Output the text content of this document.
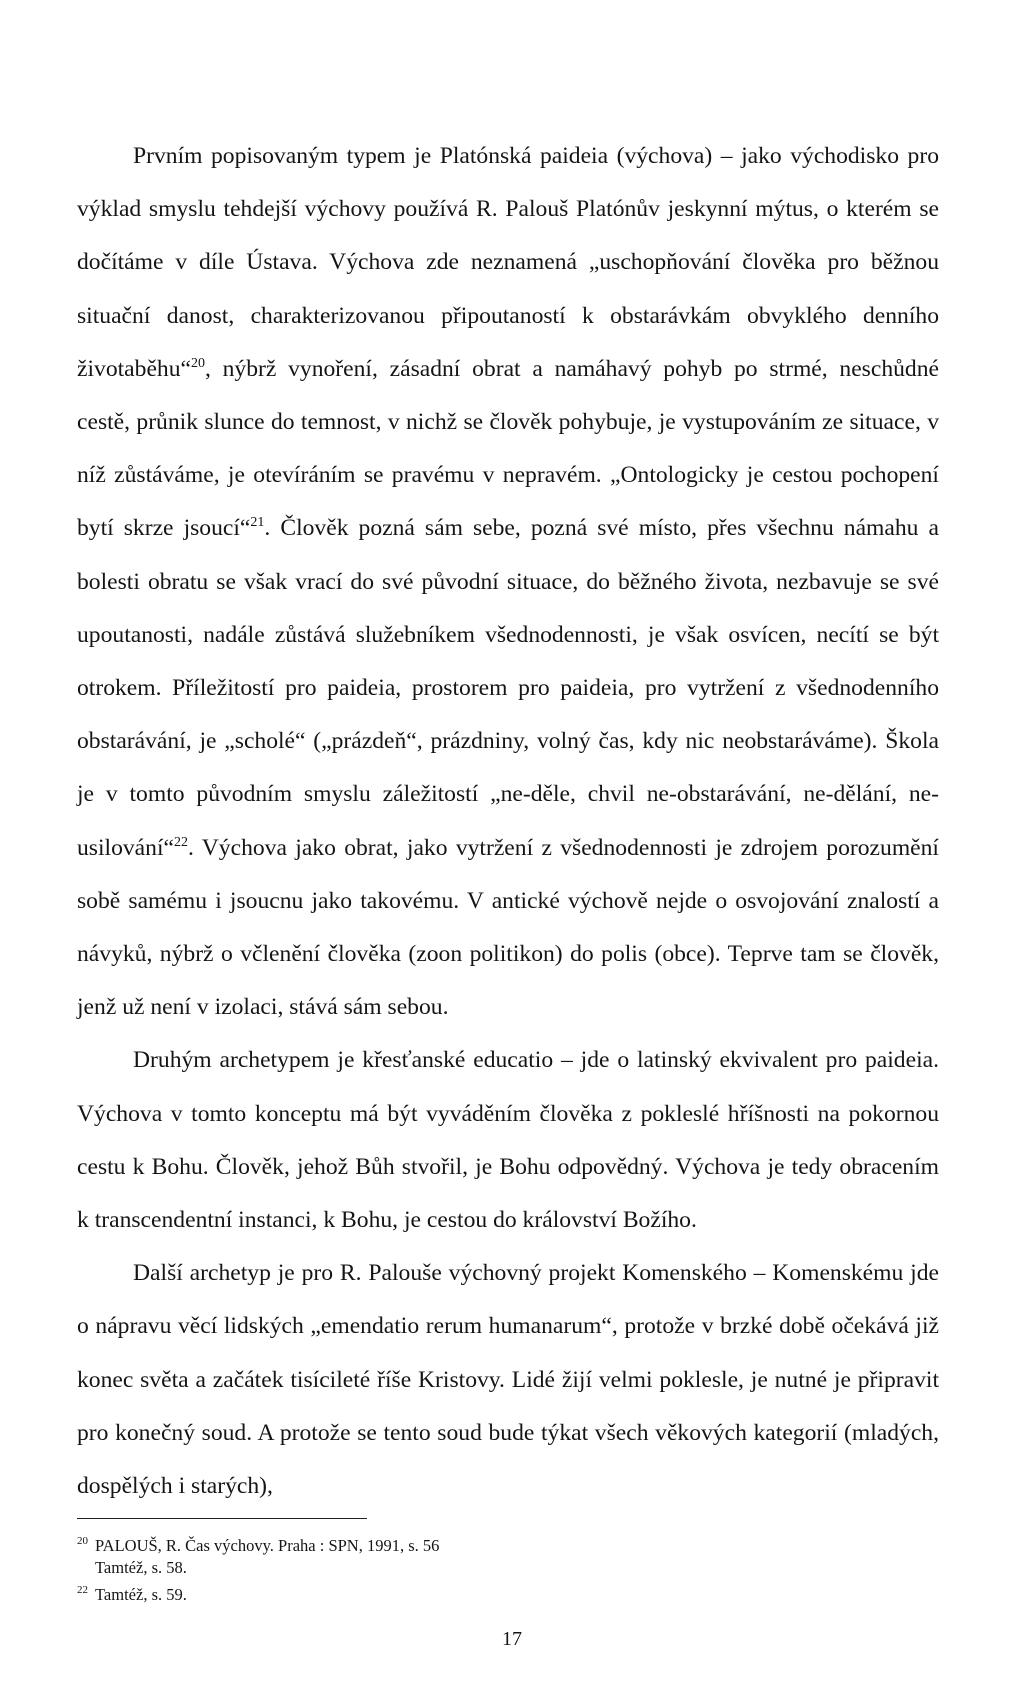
Prvním popisovaným typem je Platónská paideia (výchova) – jako východisko pro výklad smyslu tehdejší výchovy používá R. Palouš Platónův jeskynní mýtus, o kterém se dočítáme v díle Ústava. Výchova zde neznamená „uschopňování člověka pro běžnou situační danost, charakterizovanou připoutaností k obstarávkám obvyklého denního životaběhu“$^{20}$, nýbrž vynoření, zásadní obrat a namáhavý pohyb po strmé, neschůdné cestě, průnik slunce do temnost, v nichž se člověk pohybuje, je vystupováním ze situace, v níž zůstáváme, je otevíráním se pravému v nepravém. „Ontologicky je cestou pochopení bytí skrze jsoucí“$^{21}$. Člověk pozná sám sebe, pozná své místo, přes všechnu námahu a bolesti obratu se však vrací do své původní situace, do běžného života, nezbavuje se své upoutanosti, nadále zůstává služebníkem všednodennosti, je však osvícen, necítí se být otrokem. Příležitostí pro paideia, prostorem pro paideia, pro vytržení z všednodenního obstarávání, je „scholé“ („prázdeň“, prázdniny, volný čas, kdy nic neobstaráváme). Škola je v tomto původním smyslu záležitostí „ne-děle, chvil ne-obstarávání, ne-dělání, ne-usilování“$^{22}$. Výchova jako obrat, jako vytržení z všednodennosti je zdrojem porozumění sobě samému i jsoucnu jako takovému. V antické výchově nejde o osvojování znalostí a návyků, nýbrž o včlenění člověka (zoon politikon) do polis (obce). Teprve tam se člověk, jenž už není v izolaci, stává sám sebou.

Druhým archetypem je křesťanské educatio – jde o latinský ekvivalent pro paideia. Výchova v tomto konceptu má být vyváděním člověka z pokleslé hříšnosti na pokornou cestu k Bohu. Člověk, jehož Bůh stvořil, je Bohu odpovědný. Výchova je tedy obracením k transcendentní instanci, k Bohu, je cestou do království Božího.

Další archetyp je pro R. Palouše výchovný projekt Komenského – Komenskému jde o nápravu věcí lidských „emendatio rerum humanarum“, protože v brzké době očekává již konec světa a začátek tisícileté říše Kristovy. Lidé žijí velmi poklesle, je nutné je připravit pro konečný soud. A protože se tento soud bude týkat všech věkových kategorií (mladých, dospělých i starých),

20 PALOUŠ, R. Čas výchovy. Praha : SPN, 1991, s. 56

Tamtéž, s. 58.

22 Tamtéž, s. 59.

17
